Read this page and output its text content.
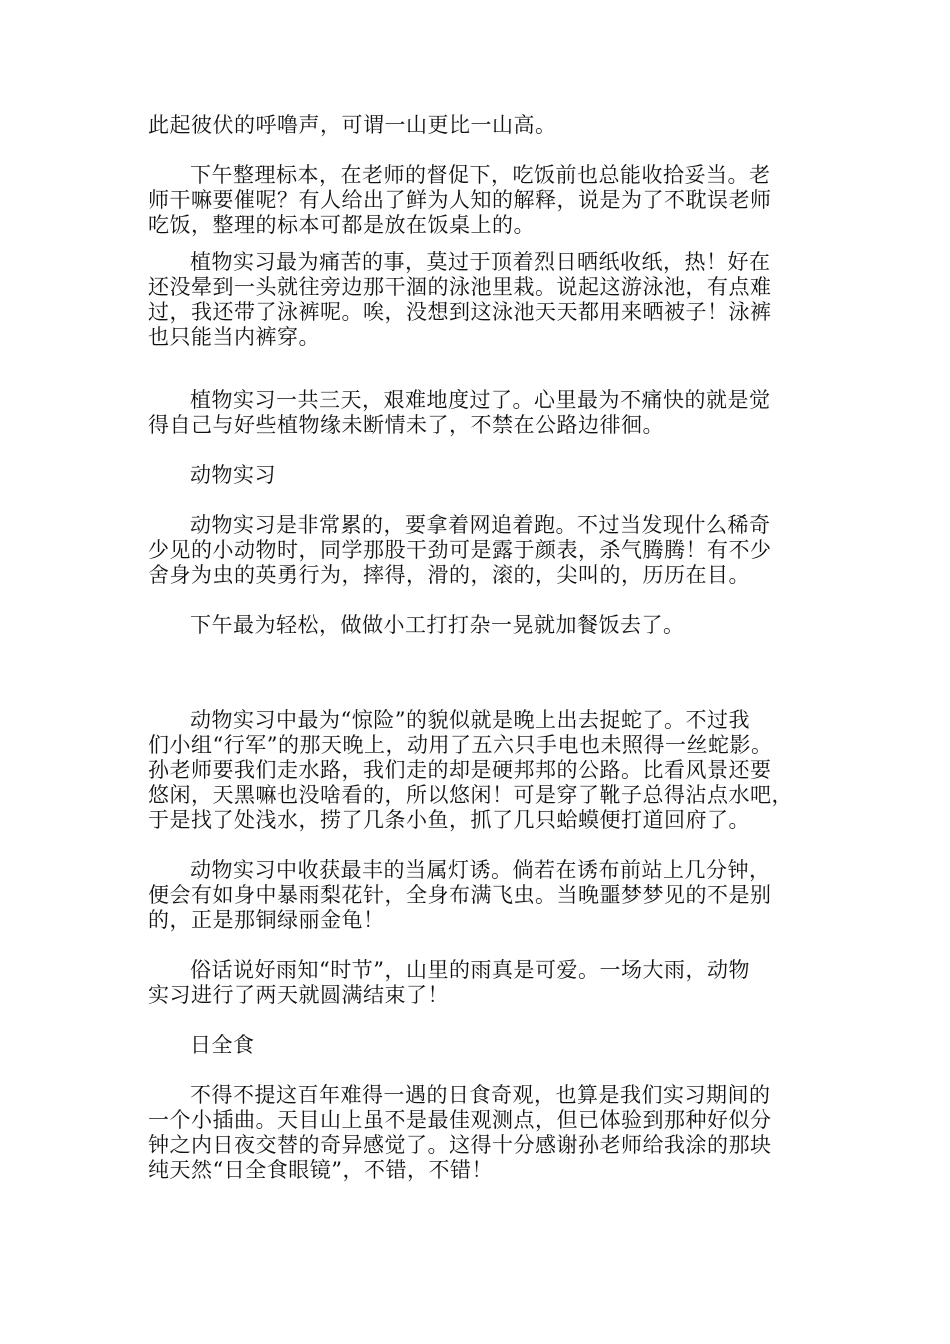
此起彼伏的呼噜声，可谓一山更比一山高。
下午整理标本，在老师的督促下，吃饭前也总能收拾妥当。老
师干嘛要催呢？有人给出了鲜为人知的解释，说是为了不耽误老师
吃饭，整理的标本可都是放在饭桌上的。
植物实习最为痛苦的事，莫过于顶着烈日晒纸收纸，热！好在
还没晕到一头就往旁边那干涸的泳池里栽。说起这游泳池，有点难
过，我还带了泳裤呢。唉，没想到这泳池天天都用来晒被子！泳裤
也只能当内裤穿。
植物实习一共三天，艰难地度过了。心里最为不痛快的就是觉
得自己与好些植物缘未断情未了，不禁在公路边徘徊。
动物实习
动物实习是非常累的，要拿着网追着跑。不过当发现什么稀奇
少见的小动物时，同学那股干劲可是露于颜表，杀气腾腾！有不少
舍身为虫的英勇行为，摔得，滑的，滚的，尖叫的，历历在目。
下午最为轻松，做做小工打打杂一晃就加餐饭去了。
动物实习中最为“惊险”的貌似就是晚上出去捉蛇了。不过我
们小组“行军”的那天晚上，动用了五六只手电也未照得一丝蛇影。
孙老师要我们走水路，我们走的却是硬邦邦的公路。比看风景还要
悠闲，天黑嘛也没啥看的，所以悠闲！可是穿了靴子总得沾点水吧，
于是找了处浅水，捞了几条小鱼，抓了几只蛤蟆便打道回府了。
动物实习中收获最丰的当属灯诱。倘若在诱布前站上几分钟，
便会有如身中暴雨梨花针，全身布满飞虫。当晚噩梦梦见的不是别
的，正是那铜绿丽金龟！
俗话说好雨知“时节”，山里的雨真是可爱。一场大雨，动物
实习进行了两天就圆满结束了！
日全食
不得不提这百年难得一遇的日食奇观，也算是我们实习期间的
一个小插曲。天目山上虽不是最佳观测点，但已体验到那种好似分
钟之内日夜交替的奇异感觉了。这得十分感谢孙老师给我涂的那块
纯天然“日全食眼镜”，不错，不错！
